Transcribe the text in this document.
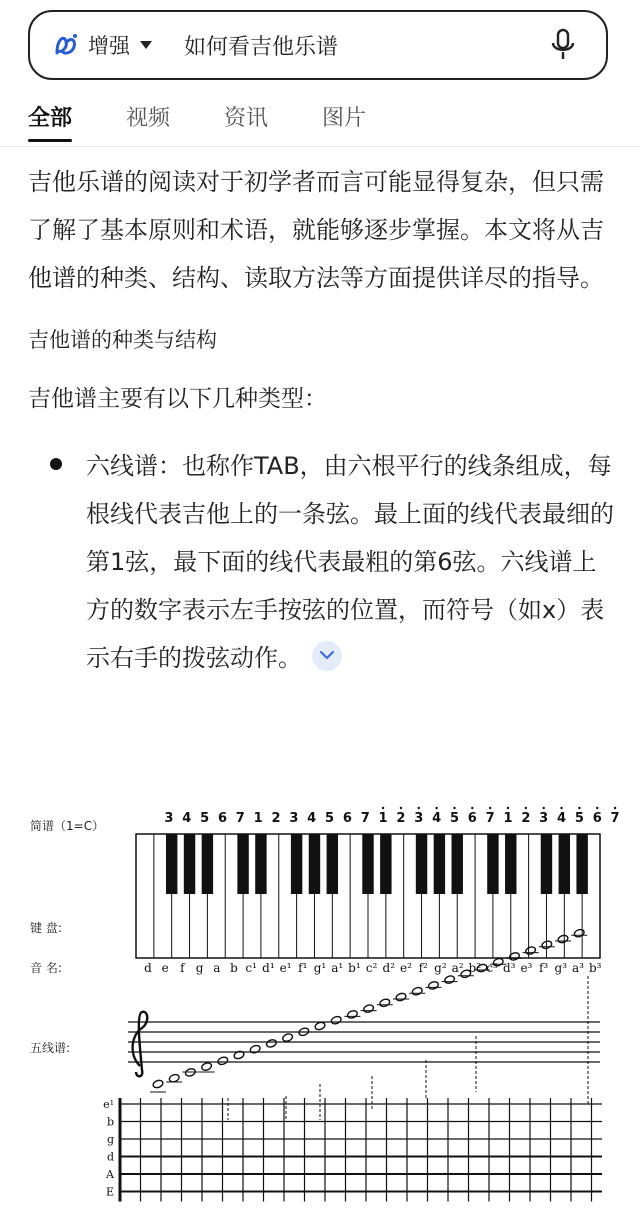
增强 如何看吉他乐谱
全部 视频 资讯 图片

吉他乐谱的阅读对于初学者而言可能显得复杂，但只需了解了基本原则和术语，就能够逐步掌握。本文将从吉他谱的种类、结构、读取方法等方面提供详尽的指导。

吉他谱的种类与结构

吉他谱主要有以下几种类型：

六线谱：也称作TAB，由六根平行的线条组成，每根线代表吉他上的一条弦。最上面的线代表最细的第1弦，最下面的线代表最粗的第6弦。六线谱上方的数字表示左手按弦的位置，而符号（如x）表示右手的拨弦动作。
简谱（1=C）
键 盘:
音 名:
五线谱:
3 4 5 6 7 1 2 3 4 5 6 7 1 2 3 4 5 6 7 1 2 3 4 5 6 7
d e f g a b c¹ d¹ e¹ f¹ g¹ a¹ b¹ c² d² e² f² g² a² b² c³ d³ e³ f³ g³ a³ b³
e¹
b
g
d
A
E
